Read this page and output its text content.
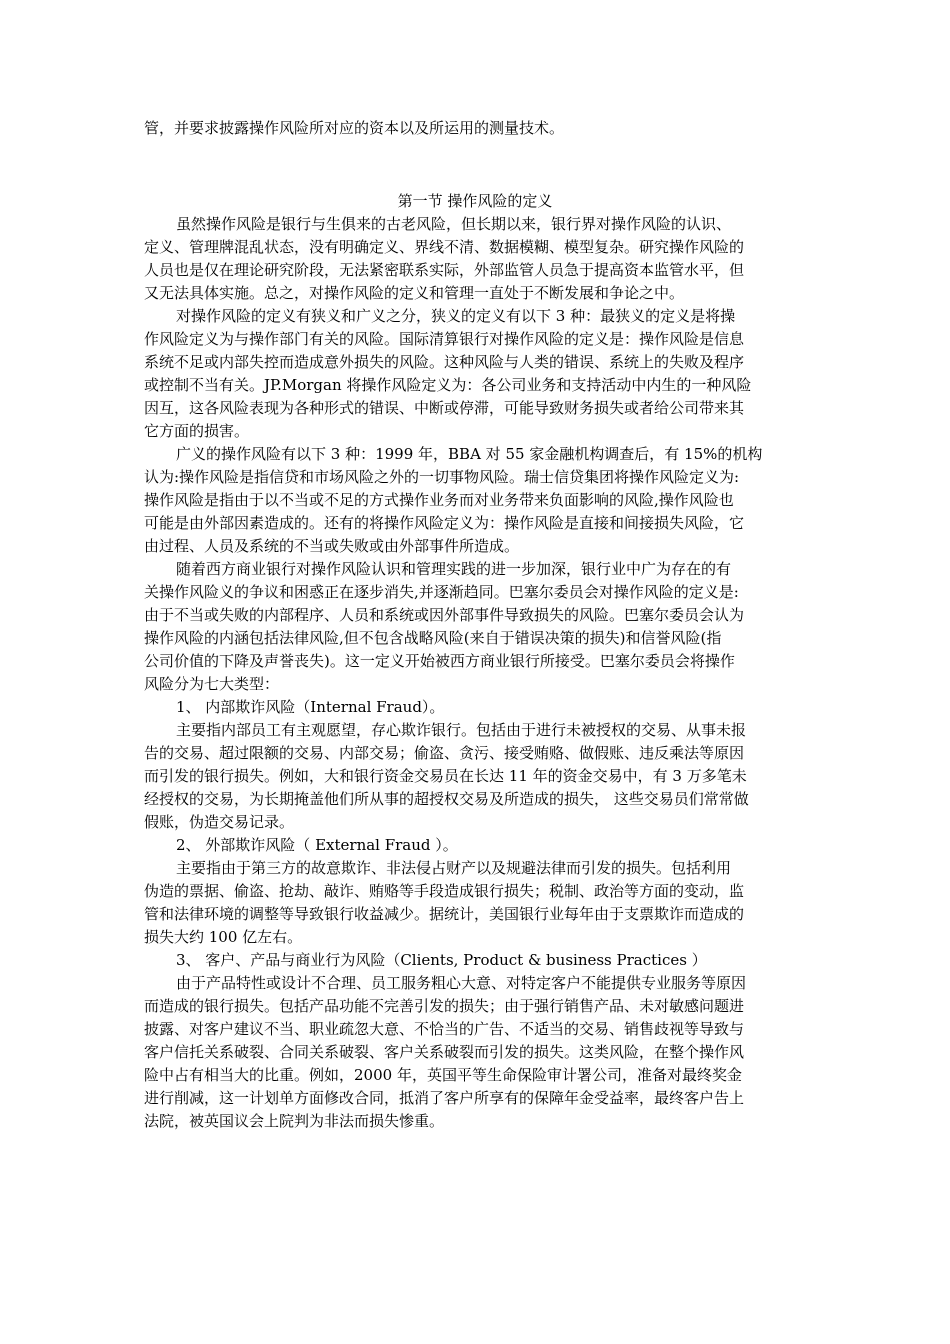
管，并要求披露操作风险所对应的资本以及所运用的测量技术。
第一节 操作风险的定义
虽然操作风险是银行与生俱来的古老风险，但长期以来，银行界对操作风险的认识、
定义、管理牌混乱状态，没有明确定义、界线不清、数据模糊、模型复杂。研究操作风险的
人员也是仅在理论研究阶段，无法紧密联系实际，外部监管人员急于提高资本监管水平，但
又无法具体实施。总之，对操作风险的定义和管理一直处于不断发展和争论之中。
对操作风险的定义有狭义和广义之分，狭义的定义有以下 3 种：最狭义的定义是将操
作风险定义为与操作部门有关的风险。国际清算银行对操作风险的定义是：操作风险是信息
系统不足或内部失控而造成意外损失的风险。这种风险与人类的错误、系统上的失败及程序
或控制不当有关。JP.Morgan 将操作风险定义为：各公司业务和支持活动中内生的一种风险
因互，这各风险表现为各种形式的错误、中断或停滞，可能导致财务损失或者给公司带来其
它方面的损害。
广义的操作风险有以下 3 种：1999 年，BBA 对 55 家金融机构调查后，有 15%的机构
认为:操作风险是指信贷和市场风险之外的一切事物风险。瑞士信贷集团将操作风险定义为:
操作风险是指由于以不当或不足的方式操作业务而对业务带来负面影响的风险,操作风险也
可能是由外部因素造成的。还有的将操作风险定义为：操作风险是直接和间接损失风险，它
由过程、人员及系统的不当或失败或由外部事件所造成。
随着西方商业银行对操作风险认识和管理实践的进一步加深，银行业中广为存在的有
关操作风险义的争议和困惑正在逐步消失,并逐渐趋同。巴塞尔委员会对操作风险的定义是:
由于不当或失败的内部程序、人员和系统或因外部事件导致损失的风险。巴塞尔委员会认为
操作风险的内涵包括法律风险,但不包含战略风险(来自于错误决策的损失)和信誉风险(指
公司价值的下降及声誉丧失)。这一定义开始被西方商业银行所接受。巴塞尔委员会将操作
风险分为七大类型：
1、 内部欺诈风险（Internal Fraud）。
主要指内部员工有主观愿望，存心欺诈银行。包括由于进行未被授权的交易、从事未报
告的交易、超过限额的交易、内部交易；偷盗、贪污、接受贿赂、做假账、违反乘法等原因
而引发的银行损失。例如，大和银行资金交易员在长达 11 年的资金交易中，有 3 万多笔未
经授权的交易，为长期掩盖他们所从事的超授权交易及所造成的损失， 这些交易员们常常做
假账，伪造交易记录。
2、 外部欺诈风险（ External Fraud ）。
主要指由于第三方的故意欺诈、非法侵占财产以及规避法律而引发的损失。包括利用
伪造的票据、偷盗、抢劫、敲诈、贿赂等手段造成银行损失；税制、政治等方面的变动，监
管和法律环境的调整等导致银行收益减少。据统计，美国银行业每年由于支票欺诈而造成的
损失大约 100 亿左右。
3、 客户、产品与商业行为风险（Clients, Product & business Practices ）
由于产品特性或设计不合理、员工服务粗心大意、对特定客户不能提供专业服务等原因
而造成的银行损失。包括产品功能不完善引发的损失；由于强行销售产品、未对敏感问题进
披露、对客户建议不当、职业疏忽大意、不恰当的广告、不适当的交易、销售歧视等导致与
客户信托关系破裂、合同关系破裂、客户关系破裂而引发的损失。这类风险，在整个操作风
险中占有相当大的比重。例如，2000 年，英国平等生命保险审计署公司，准备对最终奖金
进行削减，这一计划单方面修改合同，抵消了客户所享有的保障年金受益率，最终客户告上
法院，被英国议会上院判为非法而损失惨重。
